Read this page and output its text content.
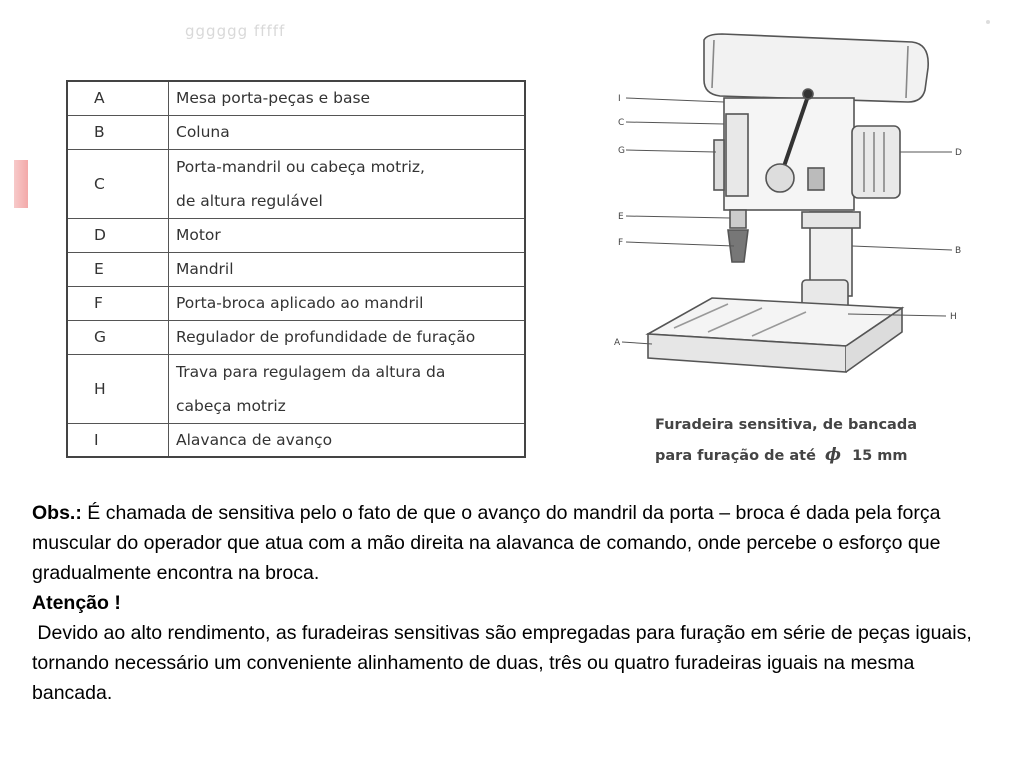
gggggg fffff
A	Mesa porta-peças e base
B	Coluna
C	Porta-mandril ou cabeça motriz,
de altura regulável

D	Motor
E	Mandril
F	Porta-broca aplicado ao mandril
G	Regulador de profundidade de furação
H	Trava para regulagem da altura da
cabeça motriz

I	Alavanca de avanço
I
C
G
E
F
A
D
B
H
Furadeira sensitiva, de bancada
para furação de até ϕ 15 mm

Obs.: É chamada de sensitiva pelo o fato de que o avanço do mandril da porta – broca é dada pela força muscular do operador que atua com a mão direita na alavanca de comando, onde percebe o esforço que gradualmente encontra na broca.

Atenção !

Devido ao alto rendimento, as furadeiras sensitivas são empregadas para furação em série de peças iguais, tornando necessário um conveniente alinhamento de duas, três ou quatro furadeiras iguais na mesma bancada.
